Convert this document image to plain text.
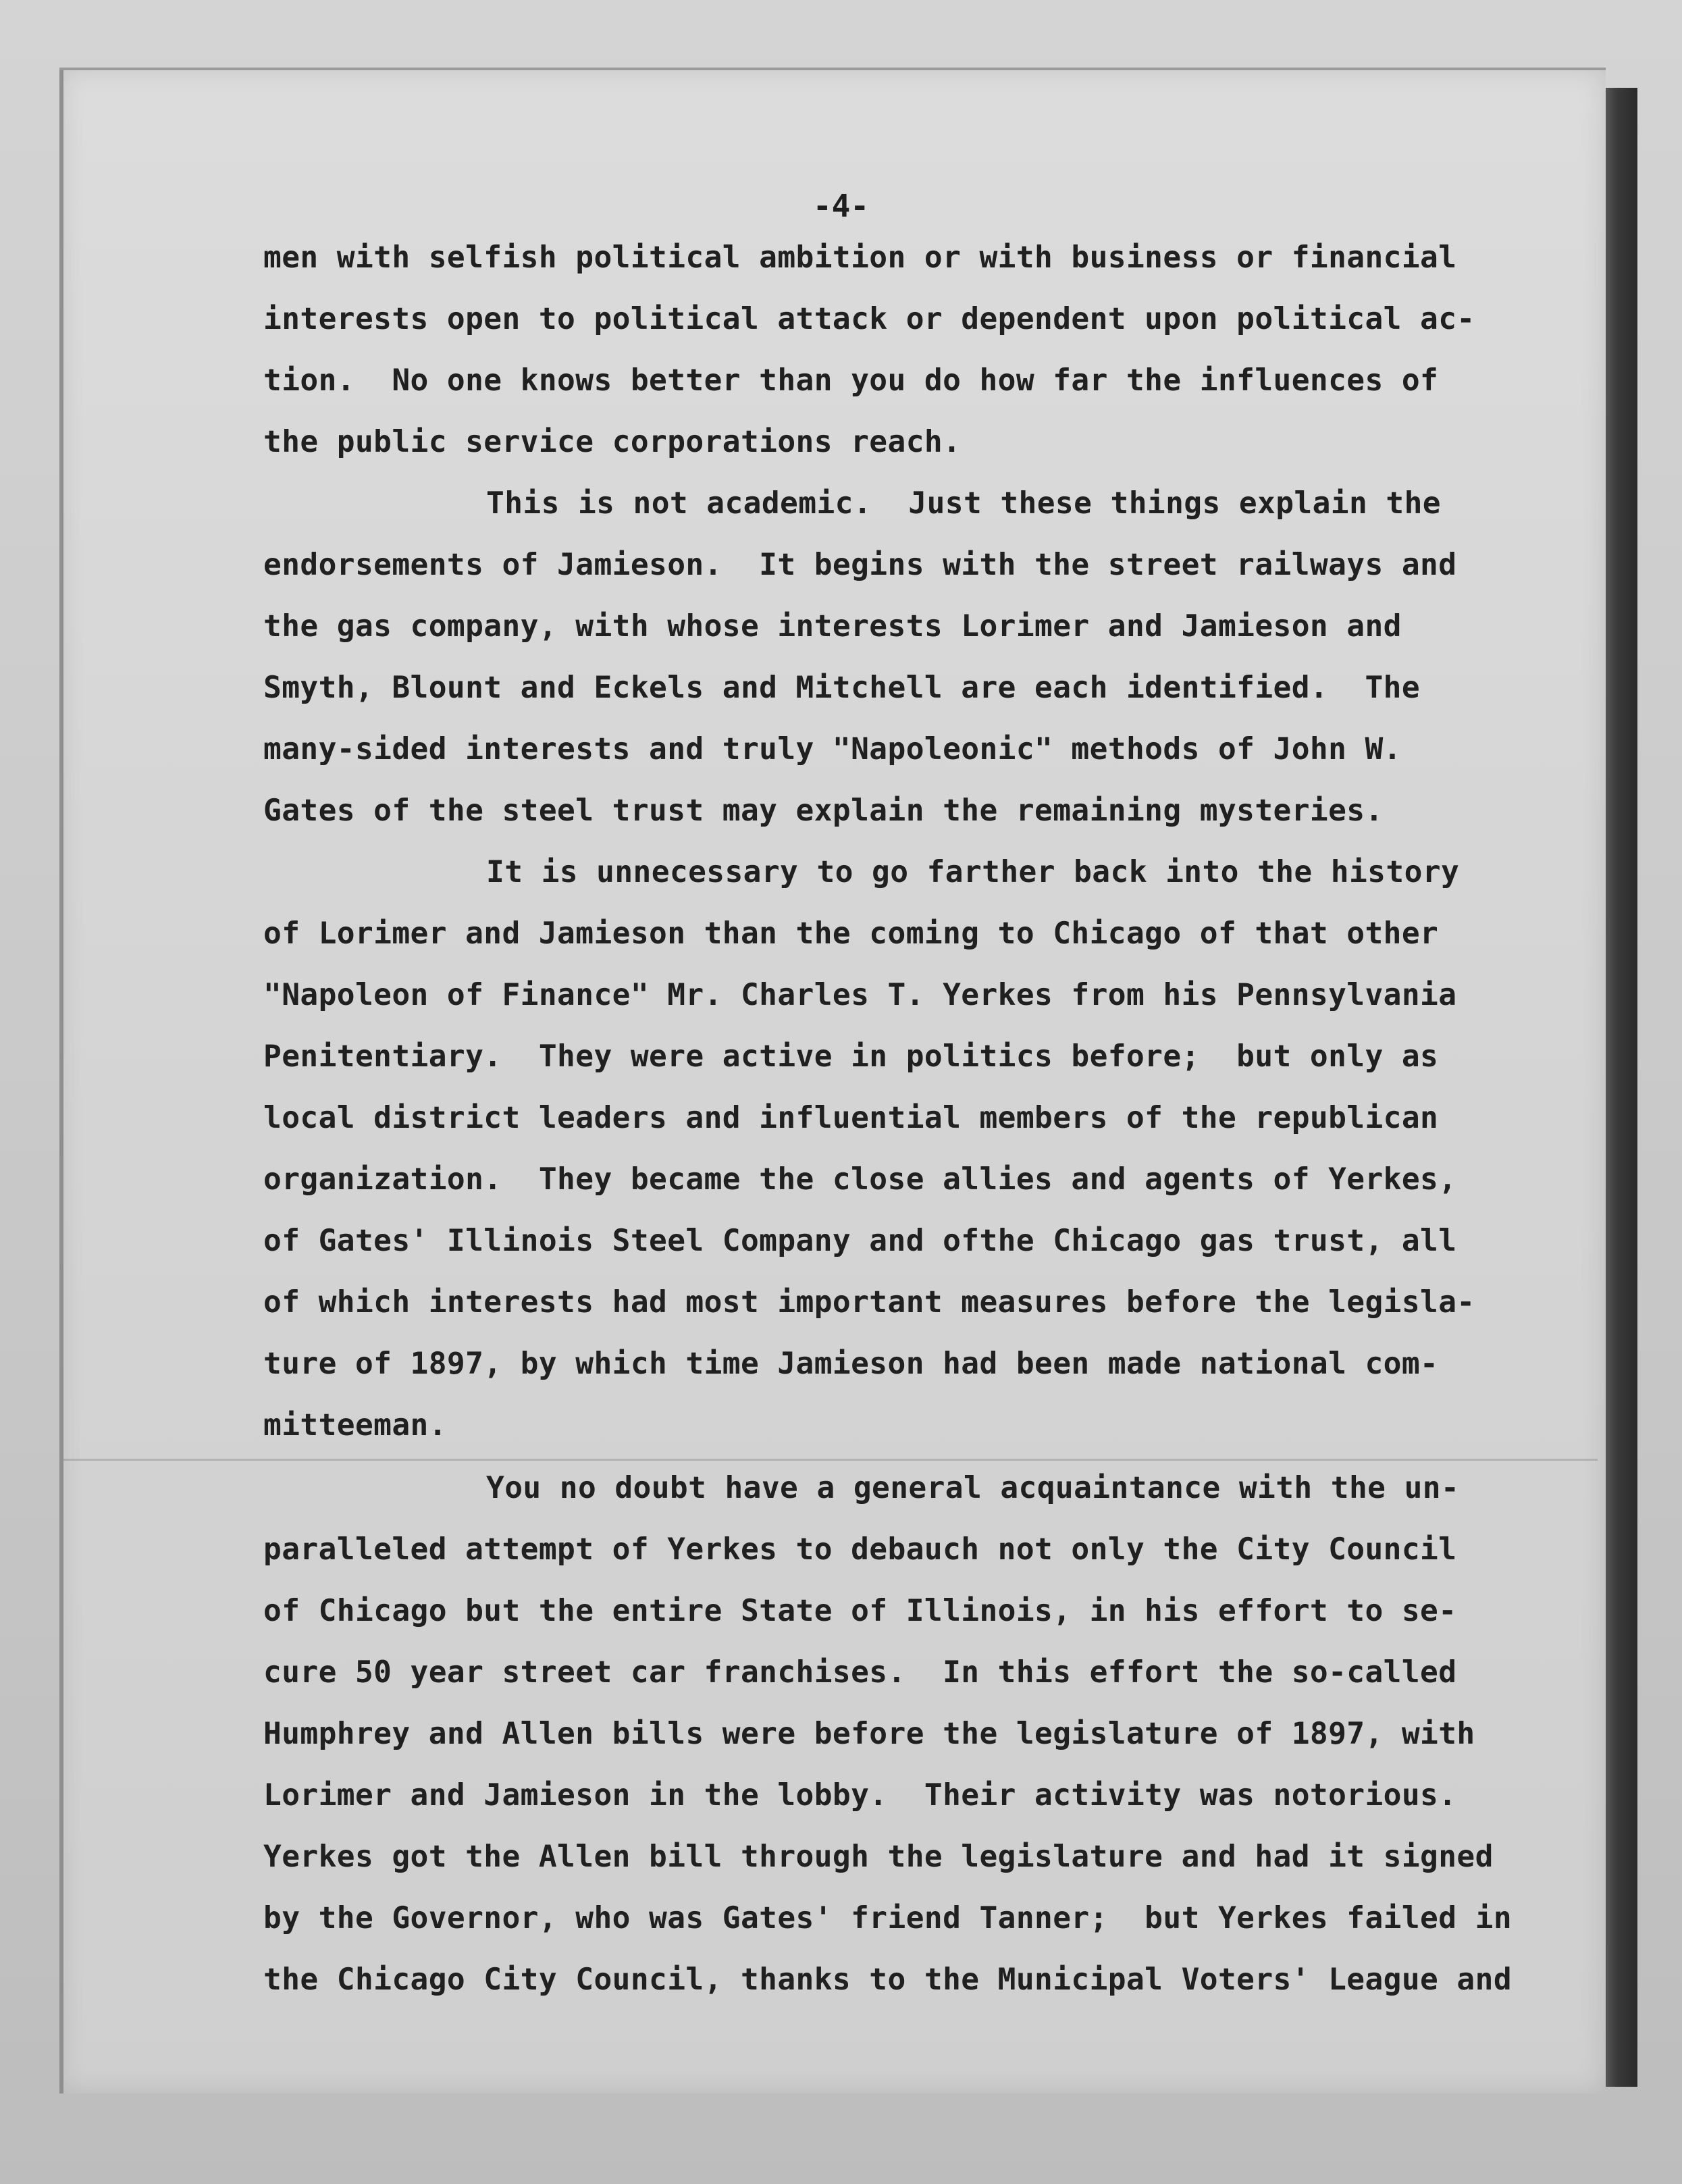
-4-
men with selfish political ambition or with business or financial
interests open to political attack or dependent upon political ac-
tion.  No one knows better than you do how far the influences of
the public service corporations reach.
This is not academic.  Just these things explain the
endorsements of Jamieson.  It begins with the street railways and
the gas company, with whose interests Lorimer and Jamieson and
Smyth, Blount and Eckels and Mitchell are each identified.  The
many-sided interests and truly "Napoleonic" methods of John W.
Gates of the steel trust may explain the remaining mysteries.
It is unnecessary to go farther back into the history
of Lorimer and Jamieson than the coming to Chicago of that other
"Napoleon of Finance" Mr. Charles T. Yerkes from his Pennsylvania
Penitentiary.  They were active in politics before;  but only as
local district leaders and influential members of the republican
organization.  They became the close allies and agents of Yerkes,
of Gates' Illinois Steel Company and ofthe Chicago gas trust, all
of which interests had most important measures before the legisla-
ture of 1897, by which time Jamieson had been made national com-
mitteeman.
You no doubt have a general acquaintance with the un-
paralleled attempt of Yerkes to debauch not only the City Council
of Chicago but the entire State of Illinois, in his effort to se-
cure 50 year street car franchises.  In this effort the so-called
Humphrey and Allen bills were before the legislature of 1897, with
Lorimer and Jamieson in the lobby.  Their activity was notorious.
Yerkes got the Allen bill through the legislature and had it signed
by the Governor, who was Gates' friend Tanner;  but Yerkes failed in
the Chicago City Council, thanks to the Municipal Voters' League and
